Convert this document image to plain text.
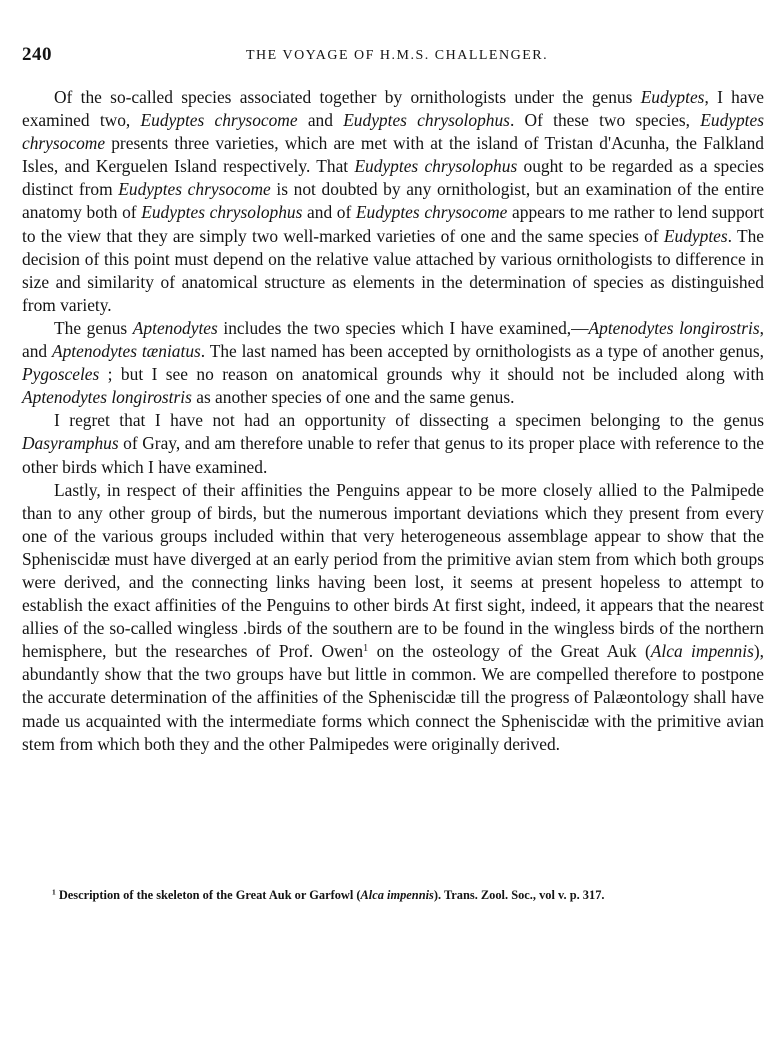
240	THE VOYAGE OF H.M.S. CHALLENGER.

Of the so-called species associated together by ornithologists under the genus Eudyptes, I have examined two, Eudyptes chrysocome and Eudyptes chrysolophus. Of these two species, Eudyptes chrysocome presents three varieties, which are met with at the island of Tristan d'Acunha, the Falkland Isles, and Kerguelen Island respectively. That Eudyptes chrysolophus ought to be regarded as a species distinct from Eudyptes chrysocome is not doubted by any ornithologist, but an examination of the entire anatomy both of Eudyptes chrysolophus and of Eudyptes chrysocome appears to me rather to lend support to the view that they are simply two well-marked varieties of one and the same species of Eudyptes. The decision of this point must depend on the relative value attached by various ornithologists to difference in size and similarity of anatomical structure as elements in the determination of species as distinguished from variety.

The genus Aptenodytes includes the two species which I have examined,—Aptenodytes longirostris, and Aptenodytes tæniatus. The last named has been accepted by ornithologists as a type of another genus, Pygosceles ; but I see no reason on anatomical grounds why it should not be included along with Aptenodytes longirostris as another species of one and the same genus.

I regret that I have not had an opportunity of dissecting a specimen belonging to the genus Dasyramphus of Gray, and am therefore unable to refer that genus to its proper place with reference to the other birds which I have examined.

Lastly, in respect of their affinities the Penguins appear to be more closely allied to the Palmipede than to any other group of birds, but the numerous important deviations which they present from every one of the various groups included within that very heterogeneous assemblage appear to show that the Spheniscidæ must have diverged at an early period from the primitive avian stem from which both groups were derived, and the connecting links having been lost, it seems at present hopeless to attempt to establish the exact affinities of the Penguins to other birds At first sight, indeed, it appears that the nearest allies of the so-called wingless .birds of the southern are to be found in the wingless birds of the northern hemisphere, but the researches of Prof. Owen$^1$ on the osteology of the Great Auk (Alca impennis), abundantly show that the two groups have but little in common. We are compelled therefore to postpone the accurate determination of the affinities of the Spheniscidæ till the progress of Palæontology shall have made us acquainted with the intermediate forms which connect the Spheniscidæ with the primitive avian stem from which both they and the other Palmipedes were originally derived.

$^1$ Description of the skeleton of the Great Auk or Garfowl (Alca impennis). Trans. Zool. Soc., vol v. p. 317.
